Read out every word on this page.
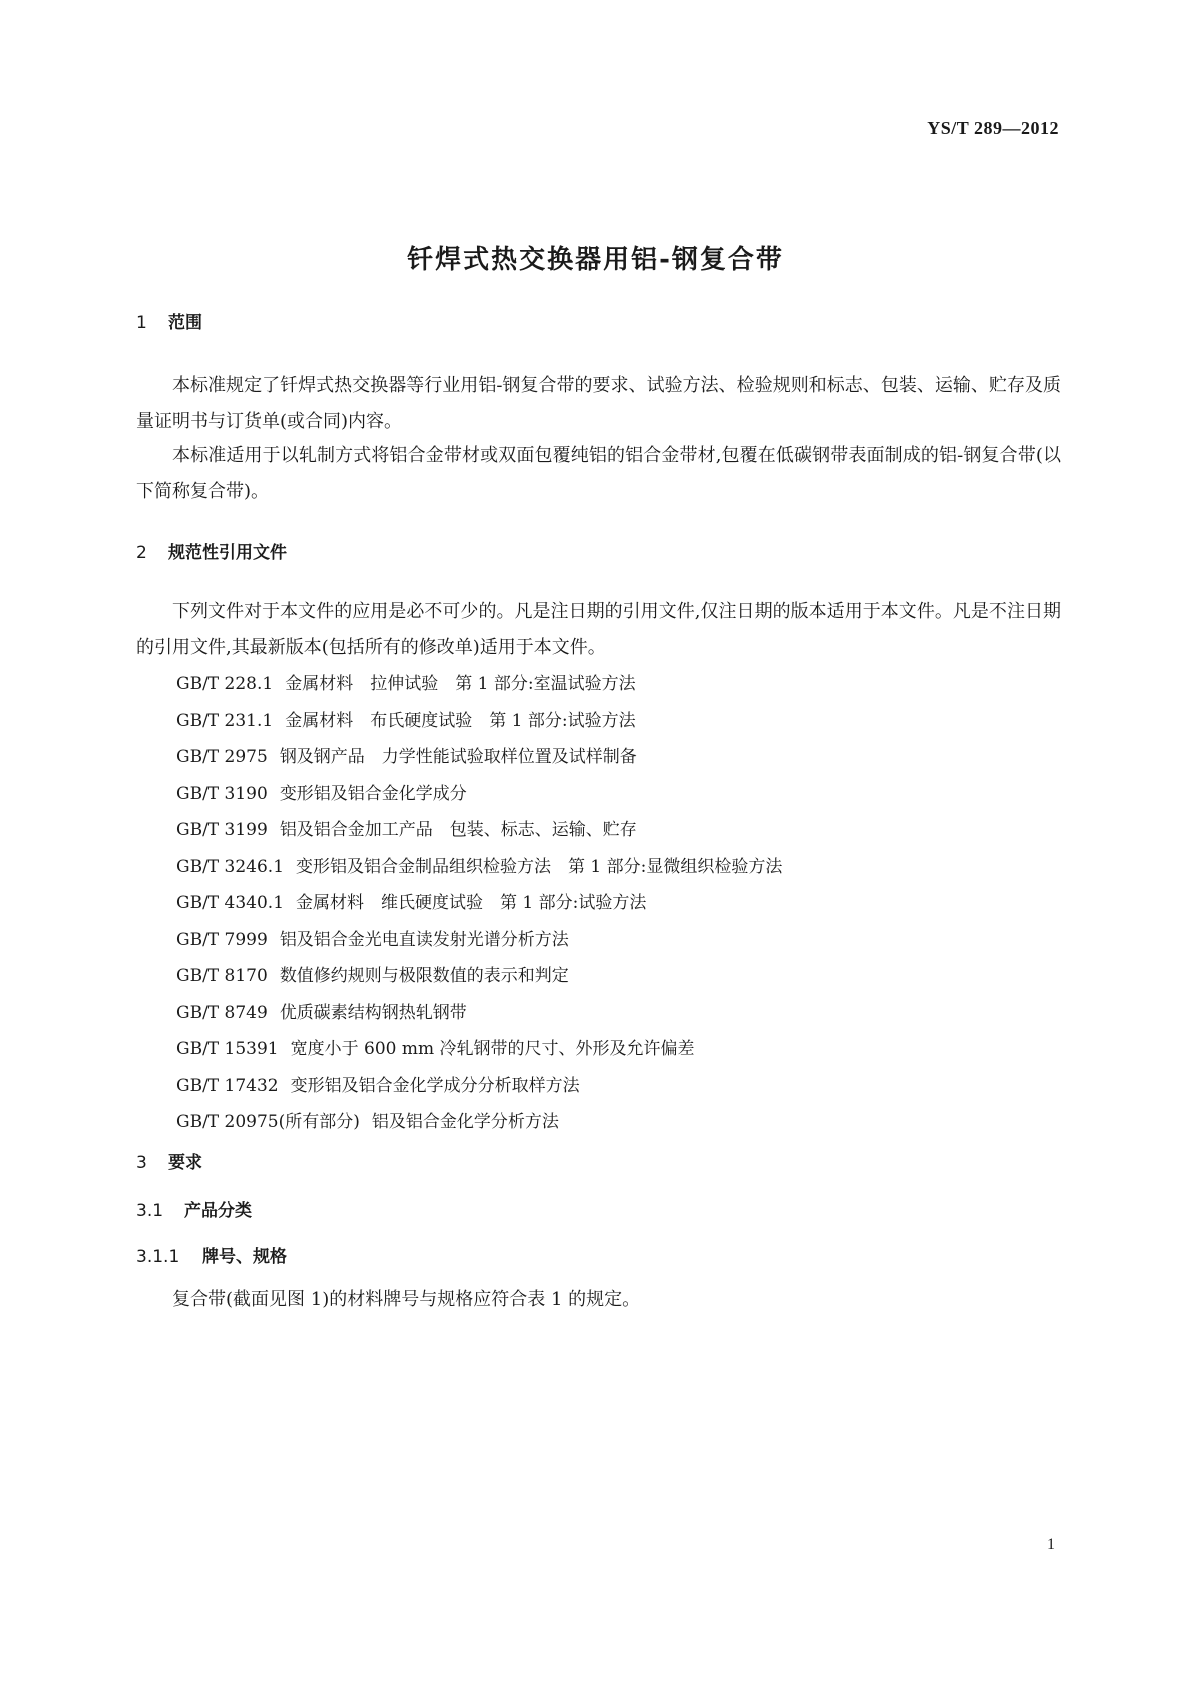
YS/T 289—2012
钎焊式热交换器用铝-钢复合带
1 范围

本标准规定了钎焊式热交换器等行业用铝-钢复合带的要求、试验方法、检验规则和标志、包装、运输、贮存及质量证明书与订货单(或合同)内容。

本标准适用于以轧制方式将铝合金带材或双面包覆纯铝的铝合金带材,包覆在低碳钢带表面制成的铝-钢复合带(以下简称复合带)。

2 规范性引用文件

下列文件对于本文件的应用是必不可少的。凡是注日期的引用文件,仅注日期的版本适用于本文件。凡是不注日期的引用文件,其最新版本(包括所有的修改单)适用于本文件。

GB/T 228.1 金属材料　拉伸试验　第 1 部分:室温试验方法
GB/T 231.1 金属材料　布氏硬度试验　第 1 部分:试验方法
GB/T 2975 钢及钢产品　力学性能试验取样位置及试样制备
GB/T 3190 变形铝及铝合金化学成分
GB/T 3199 铝及铝合金加工产品　包装、标志、运输、贮存
GB/T 3246.1 变形铝及铝合金制品组织检验方法　第 1 部分:显微组织检验方法
GB/T 4340.1 金属材料　维氏硬度试验　第 1 部分:试验方法
GB/T 7999 铝及铝合金光电直读发射光谱分析方法
GB/T 8170 数值修约规则与极限数值的表示和判定
GB/T 8749 优质碳素结构钢热轧钢带
GB/T 15391 宽度小于 600 mm 冷轧钢带的尺寸、外形及允许偏差
GB/T 17432 变形铝及铝合金化学成分分析取样方法
GB/T 20975(所有部分) 铝及铝合金化学分析方法
3 要求
3.1 产品分类
3.1.1 牌号、规格

复合带(截面见图 1)的材料牌号与规格应符合表 1 的规定。

1
